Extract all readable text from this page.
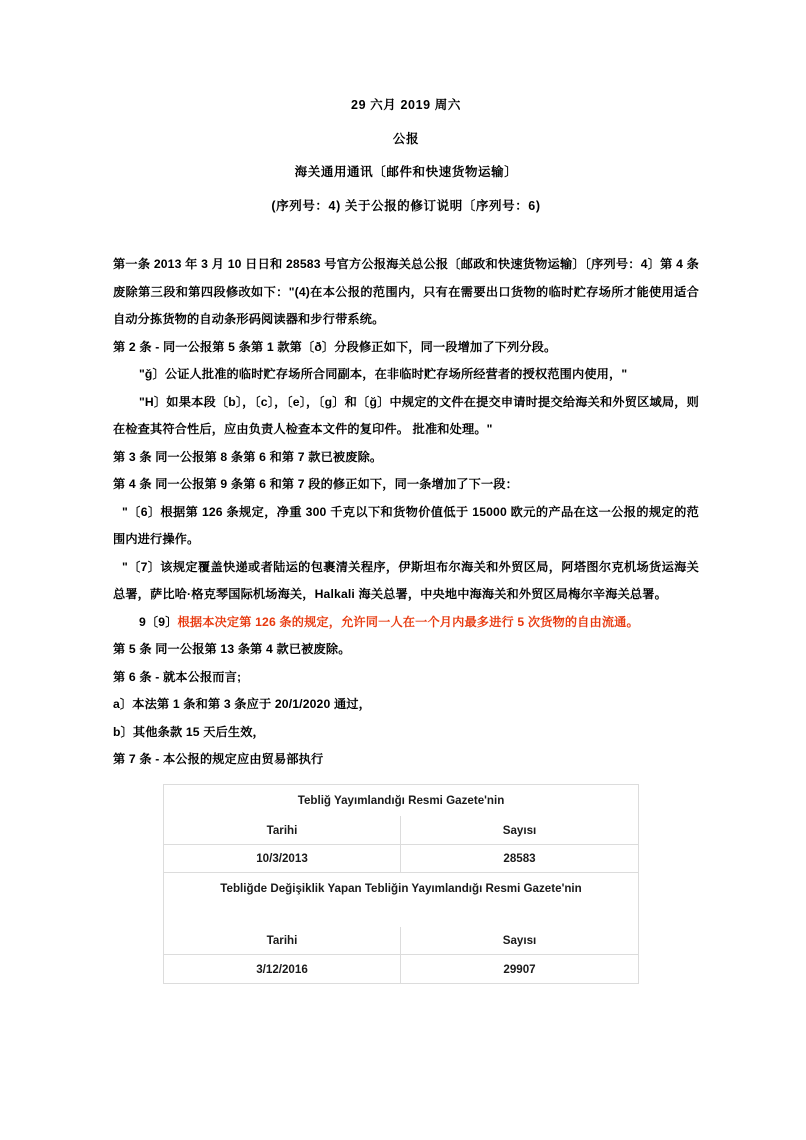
29 六月 2019 周六
公报
海关通用通讯〔邮件和快速货物运输〕
(序列号：4) 关于公报的修订说明〔序列号：6)

第一条 2013 年 3 月 10 日日和 28583 号官方公报海关总公报〔邮政和快速货物运输〕〔序列号：4〕第 4 条废除第三段和第四段修改如下："(4)在本公报的范围内，只有在需要出口货物的临时贮存场所才能使用适合自动分拣货物的自动条形码阅读器和步行带系统。

第 2 条 - 同一公报第 5 条第 1 款第〔ð〕分段修正如下，同一段增加了下列分段。

"ǧ〕公证人批准的临时贮存场所合同副本，在非临时贮存场所经营者的授权范围内使用，"

"H〕如果本段〔b〕，〔c〕，〔e〕，〔g〕和〔ğ〕中规定的文件在提交申请时提交给海关和外贸区域局，则在检查其符合性后，应由负责人检查本文件的复印件。 批准和处理。"

第 3 条 同一公报第 8 条第 6 和第 7 款已被废除。

第 4 条 同一公报第 9 条第 6 和第 7 段的修正如下，同一条增加了下一段：

"〔6〕根据第 126 条规定，净重 300 千克以下和货物价值低于 15000 欧元的产品在这一公报的规定的范围内进行操作。

"〔7〕该规定覆盖快递或者陆运的包裹清关程序，伊斯坦布尔海关和外贸区局，阿塔图尔克机场货运海关总署，萨比哈·格克琴国际机场海关，Halkali 海关总署，中央地中海海关和外贸区局梅尔辛海关总署。

9〔9〕根据本决定第 126 条的规定，允许同一人在一个月内最多进行 5 次货物的自由流通。

第 5 条 同一公报第 13 条第 4 款已被废除。

第 6 条 - 就本公报而言;

a〕本法第 1 条和第 3 条应于 20/1/2020 通过，

b〕其他条款 15 天后生效，

第 7 条 - 本公报的规定应由贸易部执行

Tebliğ Yayımlandığı Resmi Gazete'nin	
Tarihi	Sayısı
10/3/2013	28583
Tebliğde Değişiklik Yapan Tebliğin Yayımlandığı Resmi Gazete'nin	

Tarihi	Sayısı
3/12/2016	29907
